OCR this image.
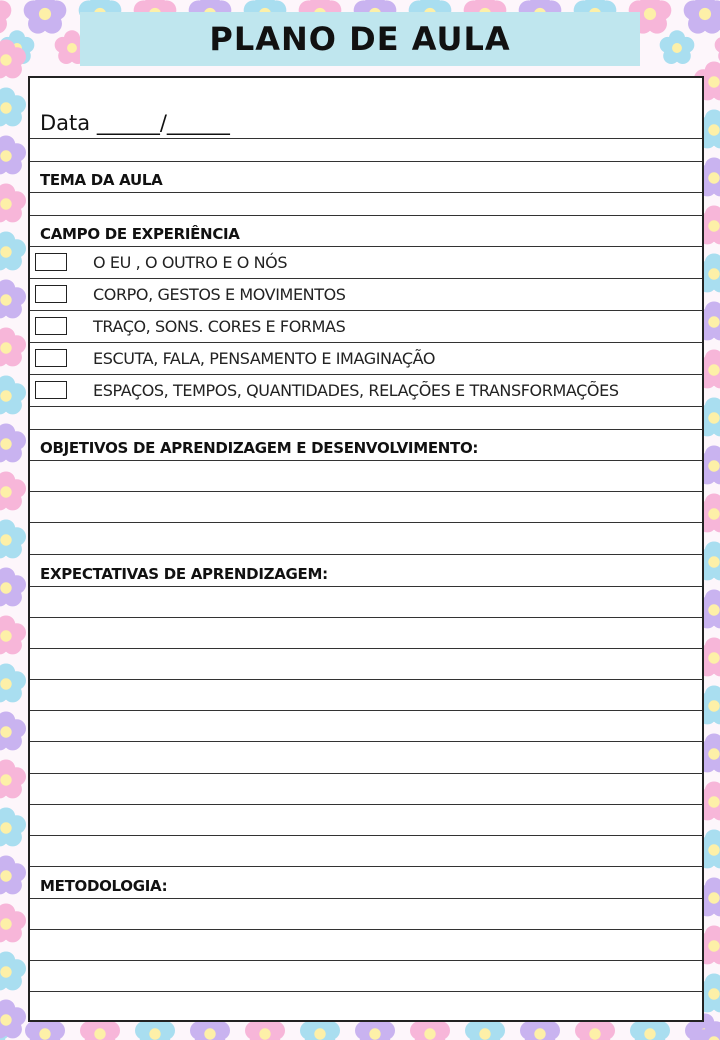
PLANO DE AULA
Data ______/______
TEMA DA AULA
CAMPO DE EXPERIÊNCIA
O EU , O OUTRO E O NÓS
CORPO, GESTOS E MOVIMENTOS
TRAÇO, SONS. CORES E FORMAS
ESCUTA, FALA, PENSAMENTO E IMAGINAÇÃO
ESPAÇOS, TEMPOS, QUANTIDADES, RELAÇÕES E TRANSFORMAÇÕES
OBJETIVOS DE APRENDIZAGEM E DESENVOLVIMENTO:
EXPECTATIVAS DE APRENDIZAGEM:
METODOLOGIA:
